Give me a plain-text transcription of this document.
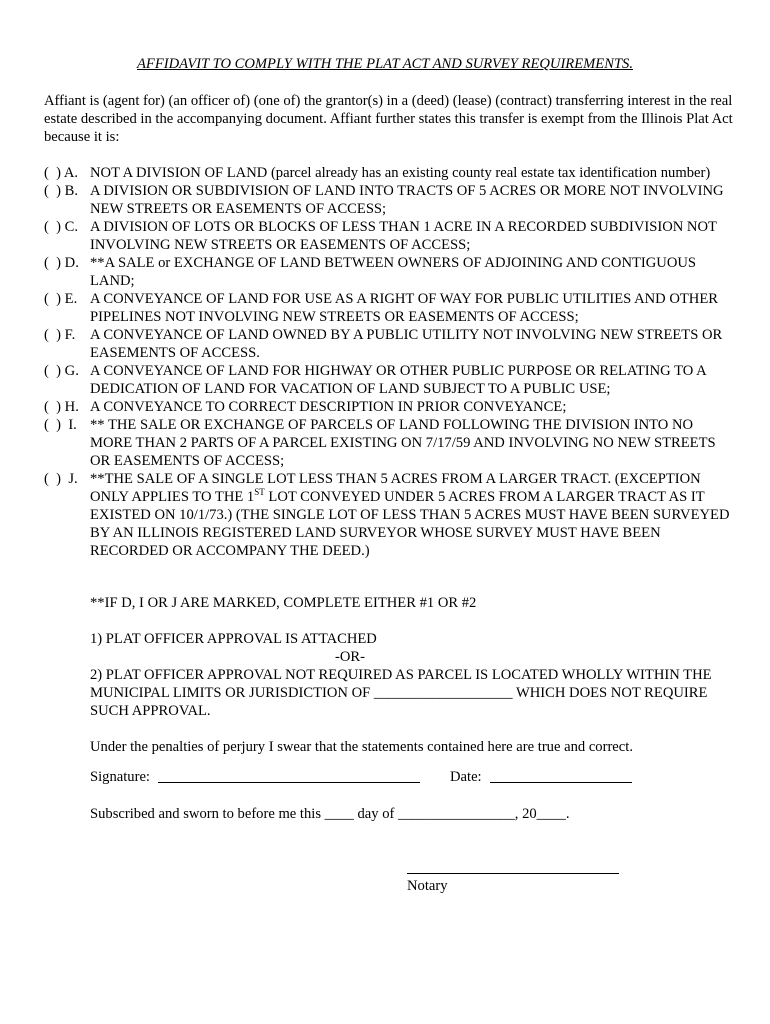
AFFIDAVIT TO COMPLY WITH THE PLAT ACT AND SURVEY REQUIREMENTS.
Affiant is (agent for) (an officer of) (one of) the grantor(s) in a (deed) (lease) (contract) transferring interest in the real estate described in the accompanying document. Affiant further states this transfer is exempt from the Illinois Plat Act because it is:
(  ) A. NOT A DIVISION OF LAND (parcel already has an existing county real estate tax identification number)
(  ) B. A DIVISION OR SUBDIVISION OF LAND INTO TRACTS OF 5 ACRES OR MORE NOT INVOLVING NEW STREETS OR EASEMENTS OF ACCESS;
(  ) C. A DIVISION OF LOTS OR BLOCKS OF LESS THAN 1 ACRE IN A RECORDED SUBDIVISION NOT INVOLVING NEW STREETS OR EASEMENTS OF ACCESS;
(  ) D. **A SALE or EXCHANGE OF LAND BETWEEN OWNERS OF ADJOINING AND CONTIGUOUS LAND;
(  ) E. A CONVEYANCE OF LAND FOR USE AS A RIGHT OF WAY FOR PUBLIC UTILITIES AND OTHER PIPELINES NOT INVOLVING NEW STREETS OR EASEMENTS OF ACCESS;
(  ) F.	A CONVEYANCE OF LAND OWNED BY A PUBLIC UTILITY NOT INVOLVING NEW STREETS OR EASEMENTS OF ACCESS.
(  ) G. A CONVEYANCE OF LAND FOR HIGHWAY OR OTHER PUBLIC PURPOSE OR RELATING TO A DEDICATION OF LAND FOR VACATION OF LAND SUBJECT TO A PUBLIC USE;
(  ) H. A CONVEYANCE TO CORRECT DESCRIPTION IN PRIOR CONVEYANCE;
(  )  I. ** THE SALE OR EXCHANGE OF PARCELS OF LAND FOLLOWING THE DIVISION INTO NO MORE THAN 2 PARTS OF A PARCEL EXISTING ON 7/17/59 AND INVOLVING NO NEW STREETS OR EASEMENTS OF ACCESS;
(  )  J. **THE SALE OF A SINGLE LOT LESS THAN 5 ACRES FROM A LARGER TRACT. (EXCEPTION ONLY APPLIES TO THE 1ST LOT CONVEYED UNDER 5 ACRES FROM A LARGER TRACT AS IT EXISTED ON 10/1/73.) (THE SINGLE LOT OF LESS THAN 5 ACRES MUST HAVE BEEN SURVEYED BY AN ILLINOIS REGISTERED LAND SURVEYOR WHOSE SURVEY MUST HAVE BEEN RECORDED OR ACCOMPANY THE DEED.)
**IF D, I OR J ARE MARKED, COMPLETE EITHER #1 OR #2
1) PLAT OFFICER APPROVAL IS ATTACHED
-OR-
2) PLAT OFFICER APPROVAL NOT REQUIRED AS PARCEL IS LOCATED WHOLLY WITHIN THE MUNICIPAL LIMITS OR JURISDICTION OF ___________________ WHICH DOES NOT REQUIRE SUCH APPROVAL.
Under the penalties of perjury I swear that the statements contained here are true and correct.
Signature:	Date:
Subscribed and sworn to before me this ____ day of ________________, 20____.
Notary
